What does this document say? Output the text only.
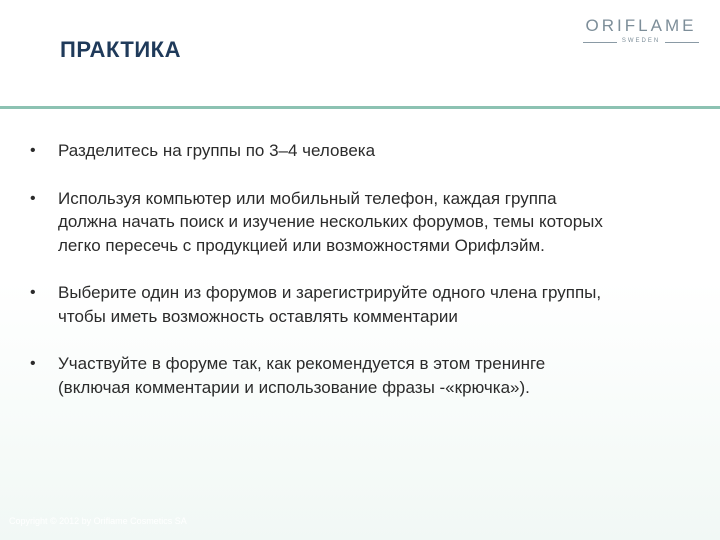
ПРАКТИКА
ORIFLAME
SWEDEN
• Разделитесь на группы по 3–4 человека
• Используя компьютер или мобильный телефон, каждая группа должна начать поиск и изучение нескольких форумов, темы которых легко пересечь с продукцией или возможностями Орифлэйм.
• Выберите один из форумов и зарегистрируйте одного члена группы, чтобы иметь возможность оставлять комментарии
• Участвуйте в форуме так, как рекомендуется в этом тренинге (включая комментарии и использование фразы -«крючка»).
Copyright © 2012 by Oriflame Cosmetics SA
